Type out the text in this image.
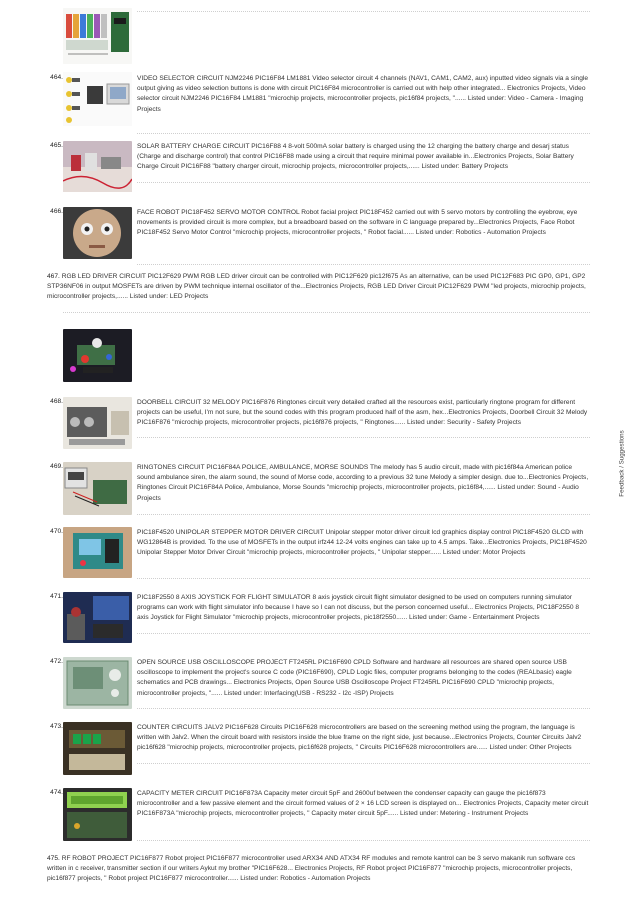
464.	VIDEO SELECTOR CIRCUIT NJM2246 PIC16F84 LM1881 Video selector circuit 4 channels (NAV1, CAM1, CAM2, aux) inputted video signals via a single output giving as video selection buttons is done with circuit PIC16F84 microcontroller is carried out with help other integrated... Electronics Projects, Video selector circuit NJM2246 PIC16F84 LM1881 "microchip projects, microcontroller projects, pic16f84 projects, "...... Listed under: Video - Camera - Imaging Projects
465.	SOLAR BATTERY CHARGE CIRCUIT PIC16F88 4 8-volt 500mA solar battery is charged using the 12 charging the battery charge and desarj status (Charge and discharge control) that control PIC16F88 made using a circuit that require minimal power available in...Electronics Projects, Solar Battery Charge Circuit PIC16F88 "battery charger circuit, microchip projects, microcontroller projects,...... Listed under: Battery Projects
466.	FACE ROBOT PIC18F452 SERVO MOTOR CONTROL Robot facial project PIC18F452 carried out with 5 servo motors by controlling the eyebrow, eye movements is provided circuit is more complex, but a breadboard based on the software in C language prepared by...Electronics Projects, Face Robot PIC18F452 Servo Motor Control "microchip projects, microcontroller projects, " Robot facial...... Listed under: Robotics - Automation Projects
467. RGB LED DRIVER CIRCUIT PIC12F629 PWM RGB LED driver circuit can be controlled with PIC12F629 pic12f675 As an alternative, can be used PIC12F683 PIC GP0, GP1, GP2 STP36NF06 in output MOSFETs are driven by PWM technique internal oscillator of the...Electronics Projects, RGB LED Driver Circuit PIC12F629 PWM "led projects, microchip projects, microcontroller projects,...... Listed under: LED Projects
468.	DOORBELL CIRCUIT 32 MELODY PIC16F876 Ringtones circuit very detailed crafted all the resources exist, particularly ringtone program for different projects can be useful, I'm not sure, but the sound codes with this program produced half of the asm, hex...Electronics Projects, Doorbell Circuit 32 Melody PIC16F876 "microchip projects, microcontroller projects, pic16f876 projects, " Ringtones...... Listed under: Security - Safety Projects
469.	RINGTONES CIRCUIT PIC16F84A POLICE, AMBULANCE, MORSE SOUNDS The melody has 5 audio circuit, made with pic16f84a American police sound ambulance siren, the alarm sound, the sound of Morse code, according to a previous 32 tune Melody a simpler design. due to...Electronics Projects, Ringtones Circuit PIC16F84A Police, Ambulance, Morse Sounds "microchip projects, microcontroller projects, pic16f84,...... Listed under: Sound - Audio Projects
470.	PIC18F4520 UNIPOLAR STEPPER MOTOR DRIVER CIRCUIT Unipolar stepper motor driver circuit lcd graphics display control PIC18F4520 GLCD with WG12864B is provided. To the use of MOSFETs in the output irfz44 12-24 volts engines can take up to 4.5 amps. Take...Electronics Projects, PIC18F4520 Unipolar Stepper Motor Driver Circuit "microchip projects, microcontroller projects, " Unipolar stepper...... Listed under: Motor Projects
471.	PIC18F2550 8 AXIS JOYSTICK FOR FLIGHT SIMULATOR 8 axis joystick circuit flight simulator designed to be used on computers running simulator programs can work with flight simulator info because I have so I can not discuss, but the person concerned useful... Electronics Projects, PIC18F2550 8 axis Joystick for Flight Simulator "microchip projects, microcontroller projects, pic18f2550...... Listed under: Game - Entertainment Projects
472.	OPEN SOURCE USB OSCILLOSCOPE PROJECT FT245RL PIC16F690 CPLD Software and hardware all resources are shared open source USB oscilloscope to implement the project's source C code (PIC16F690), CPLD Logic files, computer programs belonging to the codes (REALbasic) eagle schematics and PCB drawings... Electronics Projects, Open Source USB Oscilloscope Project FT245RL PIC16F690 CPLD "microchip projects, microcontroller projects, "...... Listed under: Interfacing(USB - RS232 - I2c -ISP) Projects
473.	COUNTER CIRCUITS JALV2 PIC16F628 Circuits PIC16F628 microcontrollers are based on the screening method using the program, the language is written with Jalv2. When the circuit board with resistors inside the blue frame on the right side, just because...Electronics Projects, Counter Circuits Jalv2 pic16f628 "microchip projects, microcontroller projects, pic16f628 projects, " Circuits PIC16F628 microcontrollers are...... Listed under: Other Projects
474.	CAPACITY METER CIRCUIT PIC16F873A Capacity meter circuit 5pF and 2600uf between the condenser capacity can gauge the pic16f873 microcontroller and a few passive element and the circuit formed values of 2 × 16 LCD screen is displayed on... Electronics Projects, Capacity meter circuit PIC16F873A "microchip projects, microcontroller projects, " Capacity meter circuit 5pF...... Listed under: Metering - Instrument Projects
475. RF ROBOT PROJECT PIC16F877 Robot project PIC16F877 microcontroller used ARX34 AND ATX34 RF modules and remote kantrol can be 3 servo makanik run software ccs written in c receiver, transmitter section if our writers Aykut my brother "PIC16F628... Electronics Projects, RF Robot project PIC16F877 "microchip projects, microcontroller projects, pic16f877 projects, " Robot project PIC16F877 microcontroller...... Listed under: Robotics - Automation Projects
Feedback / Suggestions
